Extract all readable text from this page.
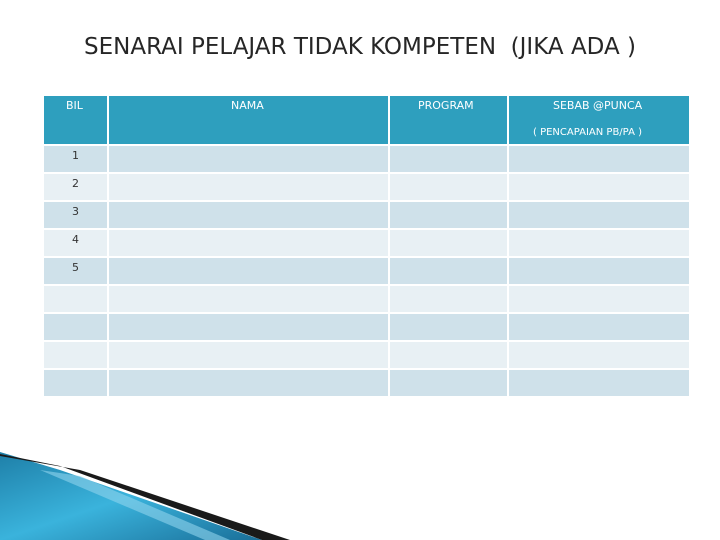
SENARAI PELAJAR TIDAK KOMPETEN  (JIKA ADA )
BIL	NAMA	PROGRAM	SEBAB @PUNCA
( PENCAPAIAN PB/PA )

1			

2			

3			

4			

5			
